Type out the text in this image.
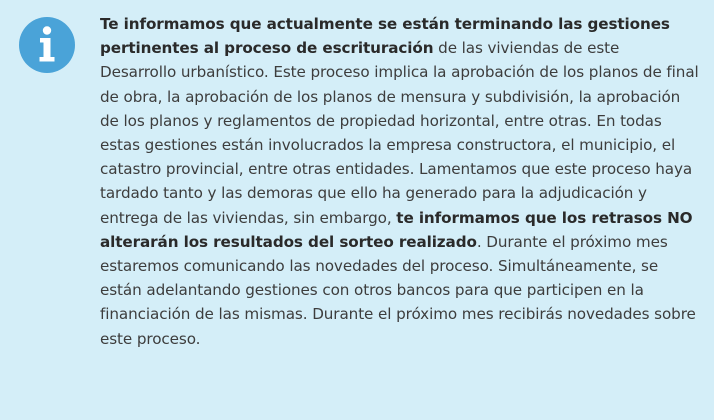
Te informamos que actualmente se están terminando las gestiones pertinentes al proceso de escrituración de las viviendas de este Desarrollo urbanístico. Este proceso implica la aprobación de los planos de final de obra, la aprobación de los planos de mensura y subdivisión, la aprobación de los planos y reglamentos de propiedad horizontal, entre otras. En todas estas gestiones están involucrados la empresa constructora, el municipio, el catastro provincial, entre otras entidades. Lamentamos que este proceso haya tardado tanto y las demoras que ello ha generado para la adjudicación y entrega de las viviendas, sin embargo, te informamos que los retrasos NO alterarán los resultados del sorteo realizado. Durante el próximo mes estaremos comunicando las novedades del proceso. Simultáneamente, se están adelantando gestiones con otros bancos para que participen en la financiación de las mismas. Durante el próximo mes recibirás novedades sobre este proceso.
